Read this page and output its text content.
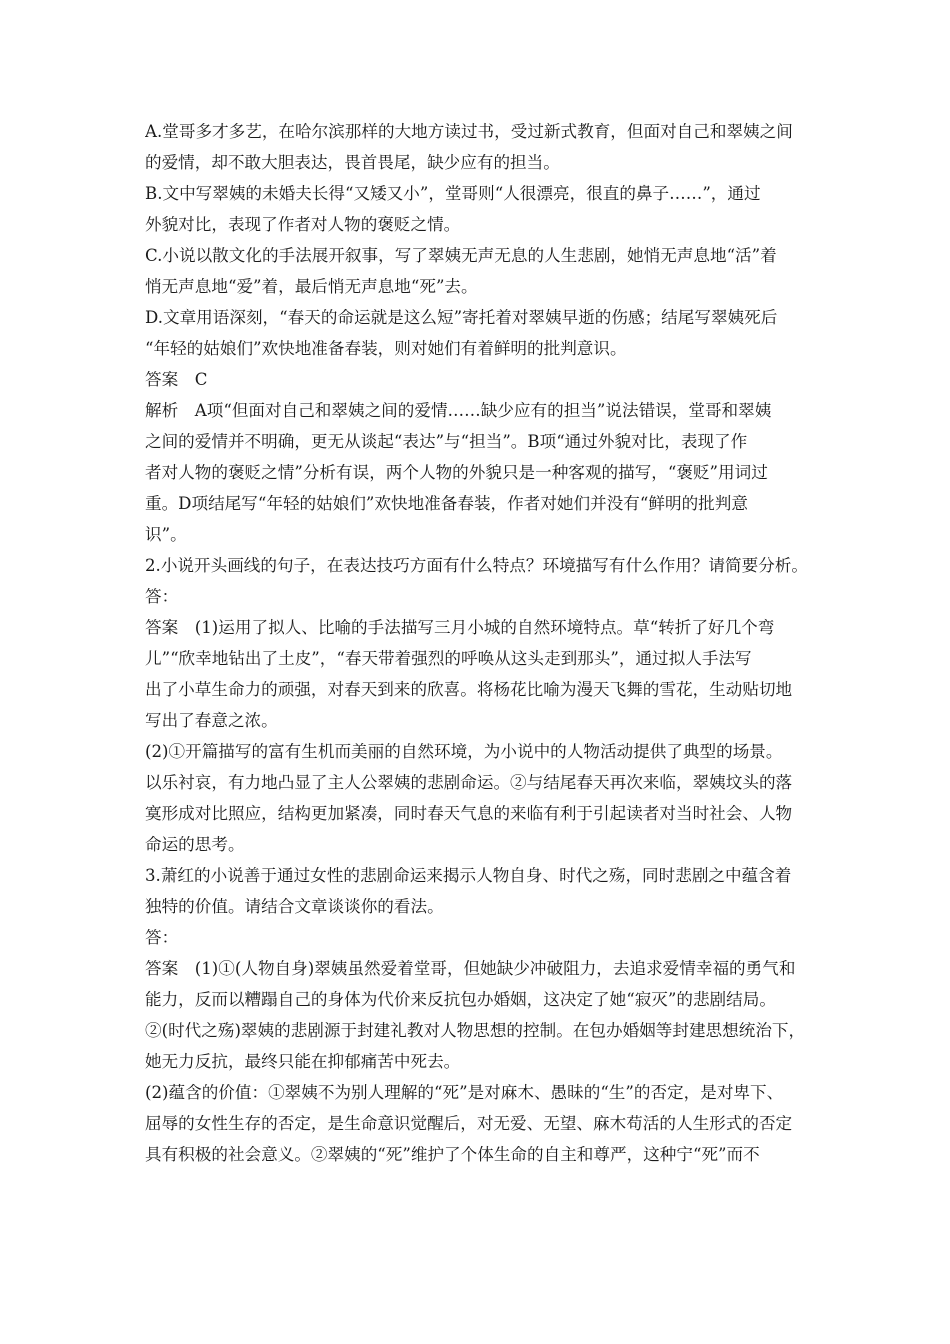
A.堂哥多才多艺，在哈尔滨那样的大地方读过书，受过新式教育，但面对自己和翠姨之间
的爱情，却不敢大胆表达，畏首畏尾，缺少应有的担当。
B.文中写翠姨的未婚夫长得“又矮又小”，堂哥则“人很漂亮，很直的鼻子……”，通过
外貌对比，表现了作者对人物的褒贬之情。
C.小说以散文化的手法展开叙事，写了翠姨无声无息的人生悲剧，她悄无声息地“活”着
悄无声息地“爱”着，最后悄无声息地“死”去。
D.文章用语深刻，“春天的命运就是这么短”寄托着对翠姨早逝的伤感；结尾写翠姨死后
“年轻的姑娘们”欢快地准备春装，则对她们有着鲜明的批判意识。
答案　C
解析　A项“但面对自己和翠姨之间的爱情……缺少应有的担当”说法错误，堂哥和翠姨
之间的爱情并不明确，更无从谈起“表达”与“担当”。B项“通过外貌对比，表现了作
者对人物的褒贬之情”分析有误，两个人物的外貌只是一种客观的描写，“褒贬”用词过
重。D项结尾写“年轻的姑娘们”欢快地准备春装，作者对她们并没有“鲜明的批判意
识”。
2.小说开头画线的句子，在表达技巧方面有什么特点？环境描写有什么作用？请简要分析。
答：
答案　(1)运用了拟人、比喻的手法描写三月小城的自然环境特点。草“转折了好几个弯
儿”“欣幸地钻出了土皮”，“春天带着强烈的呼唤从这头走到那头”，通过拟人手法写
出了小草生命力的顽强，对春天到来的欣喜。将杨花比喻为漫天飞舞的雪花，生动贴切地
写出了春意之浓。
(2)①开篇描写的富有生机而美丽的自然环境，为小说中的人物活动提供了典型的场景。
以乐衬哀，有力地凸显了主人公翠姨的悲剧命运。②与结尾春天再次来临，翠姨坟头的落
寞形成对比照应，结构更加紧凑，同时春天气息的来临有利于引起读者对当时社会、人物
命运的思考。
3.萧红的小说善于通过女性的悲剧命运来揭示人物自身、时代之殇，同时悲剧之中蕴含着
独特的价值。请结合文章谈谈你的看法。
答：
答案　(1)①(人物自身)翠姨虽然爱着堂哥，但她缺少冲破阻力，去追求爱情幸福的勇气和
能力，反而以糟蹋自己的身体为代价来反抗包办婚姻，这决定了她“寂灭”的悲剧结局。
②(时代之殇)翠姨的悲剧源于封建礼教对人物思想的控制。在包办婚姻等封建思想统治下，
她无力反抗，最终只能在抑郁痛苦中死去。
(2)蕴含的价值：①翠姨不为别人理解的“死”是对麻木、愚昧的“生”的否定，是对卑下、
屈辱的女性生存的否定，是生命意识觉醒后，对无爱、无望、麻木苟活的人生形式的否定
具有积极的社会意义。②翠姨的“死”维护了个体生命的自主和尊严，这种宁“死”而不
